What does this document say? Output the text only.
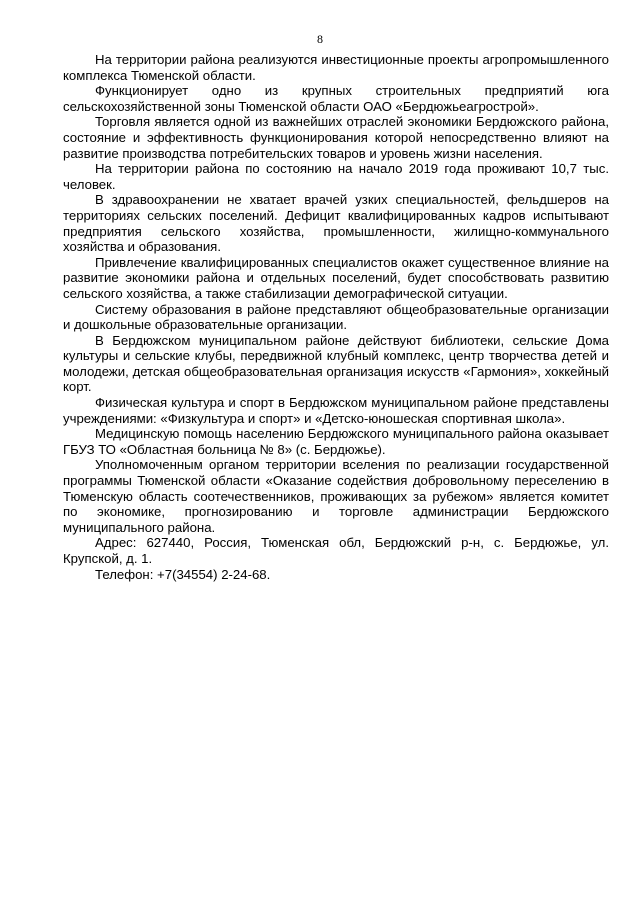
8

На территории района реализуются инвестиционные проекты агропромышленного комплекса Тюменской области.

Функционирует одно из крупных строительных предприятий юга сельскохозяйственной зоны Тюменской области ОАО «Бердюжьеагрострой».

Торговля является одной из важнейших отраслей экономики Бердюжского района, состояние и эффективность функционирования которой непосредственно влияют на развитие производства потребительских товаров и уровень жизни населения.

На территории района по состоянию на начало 2019 года проживают 10,7 тыс. человек.

В здравоохранении не хватает врачей узких специальностей, фельдшеров на территориях сельских поселений. Дефицит квалифицированных кадров испытывают предприятия сельского хозяйства, промышленности, жилищно-коммунального хозяйства и образования.

Привлечение квалифицированных специалистов окажет существенное влияние на развитие экономики района и отдельных поселений, будет способствовать развитию сельского хозяйства, а также стабилизации демографической ситуации.

Систему образования в районе представляют общеобразовательные организации и дошкольные образовательные организации.

В Бердюжском муниципальном районе действуют библиотеки, сельские Дома культуры и сельские клубы, передвижной клубный комплекс, центр творчества детей и молодежи, детская общеобразовательная организация искусств «Гармония», хоккейный корт.

Физическая культура и спорт в Бердюжском муниципальном районе представлены учреждениями: «Физкультура и спорт» и «Детско-юношеская спортивная школа».

Медицинскую помощь населению Бердюжского муниципального района оказывает ГБУЗ ТО «Областная больница № 8» (с. Бердюжье).

Уполномоченным органом территории вселения по реализации государственной программы Тюменской области «Оказание содействия добровольному переселению в Тюменскую область соотечественников, проживающих за рубежом» является комитет по экономике, прогнозированию и торговле администрации Бердюжского муниципального района.

Адрес: 627440, Россия, Тюменская обл, Бердюжский р-н, с. Бердюжье, ул. Крупской, д. 1.

Телефон: +7(34554) 2-24-68.
